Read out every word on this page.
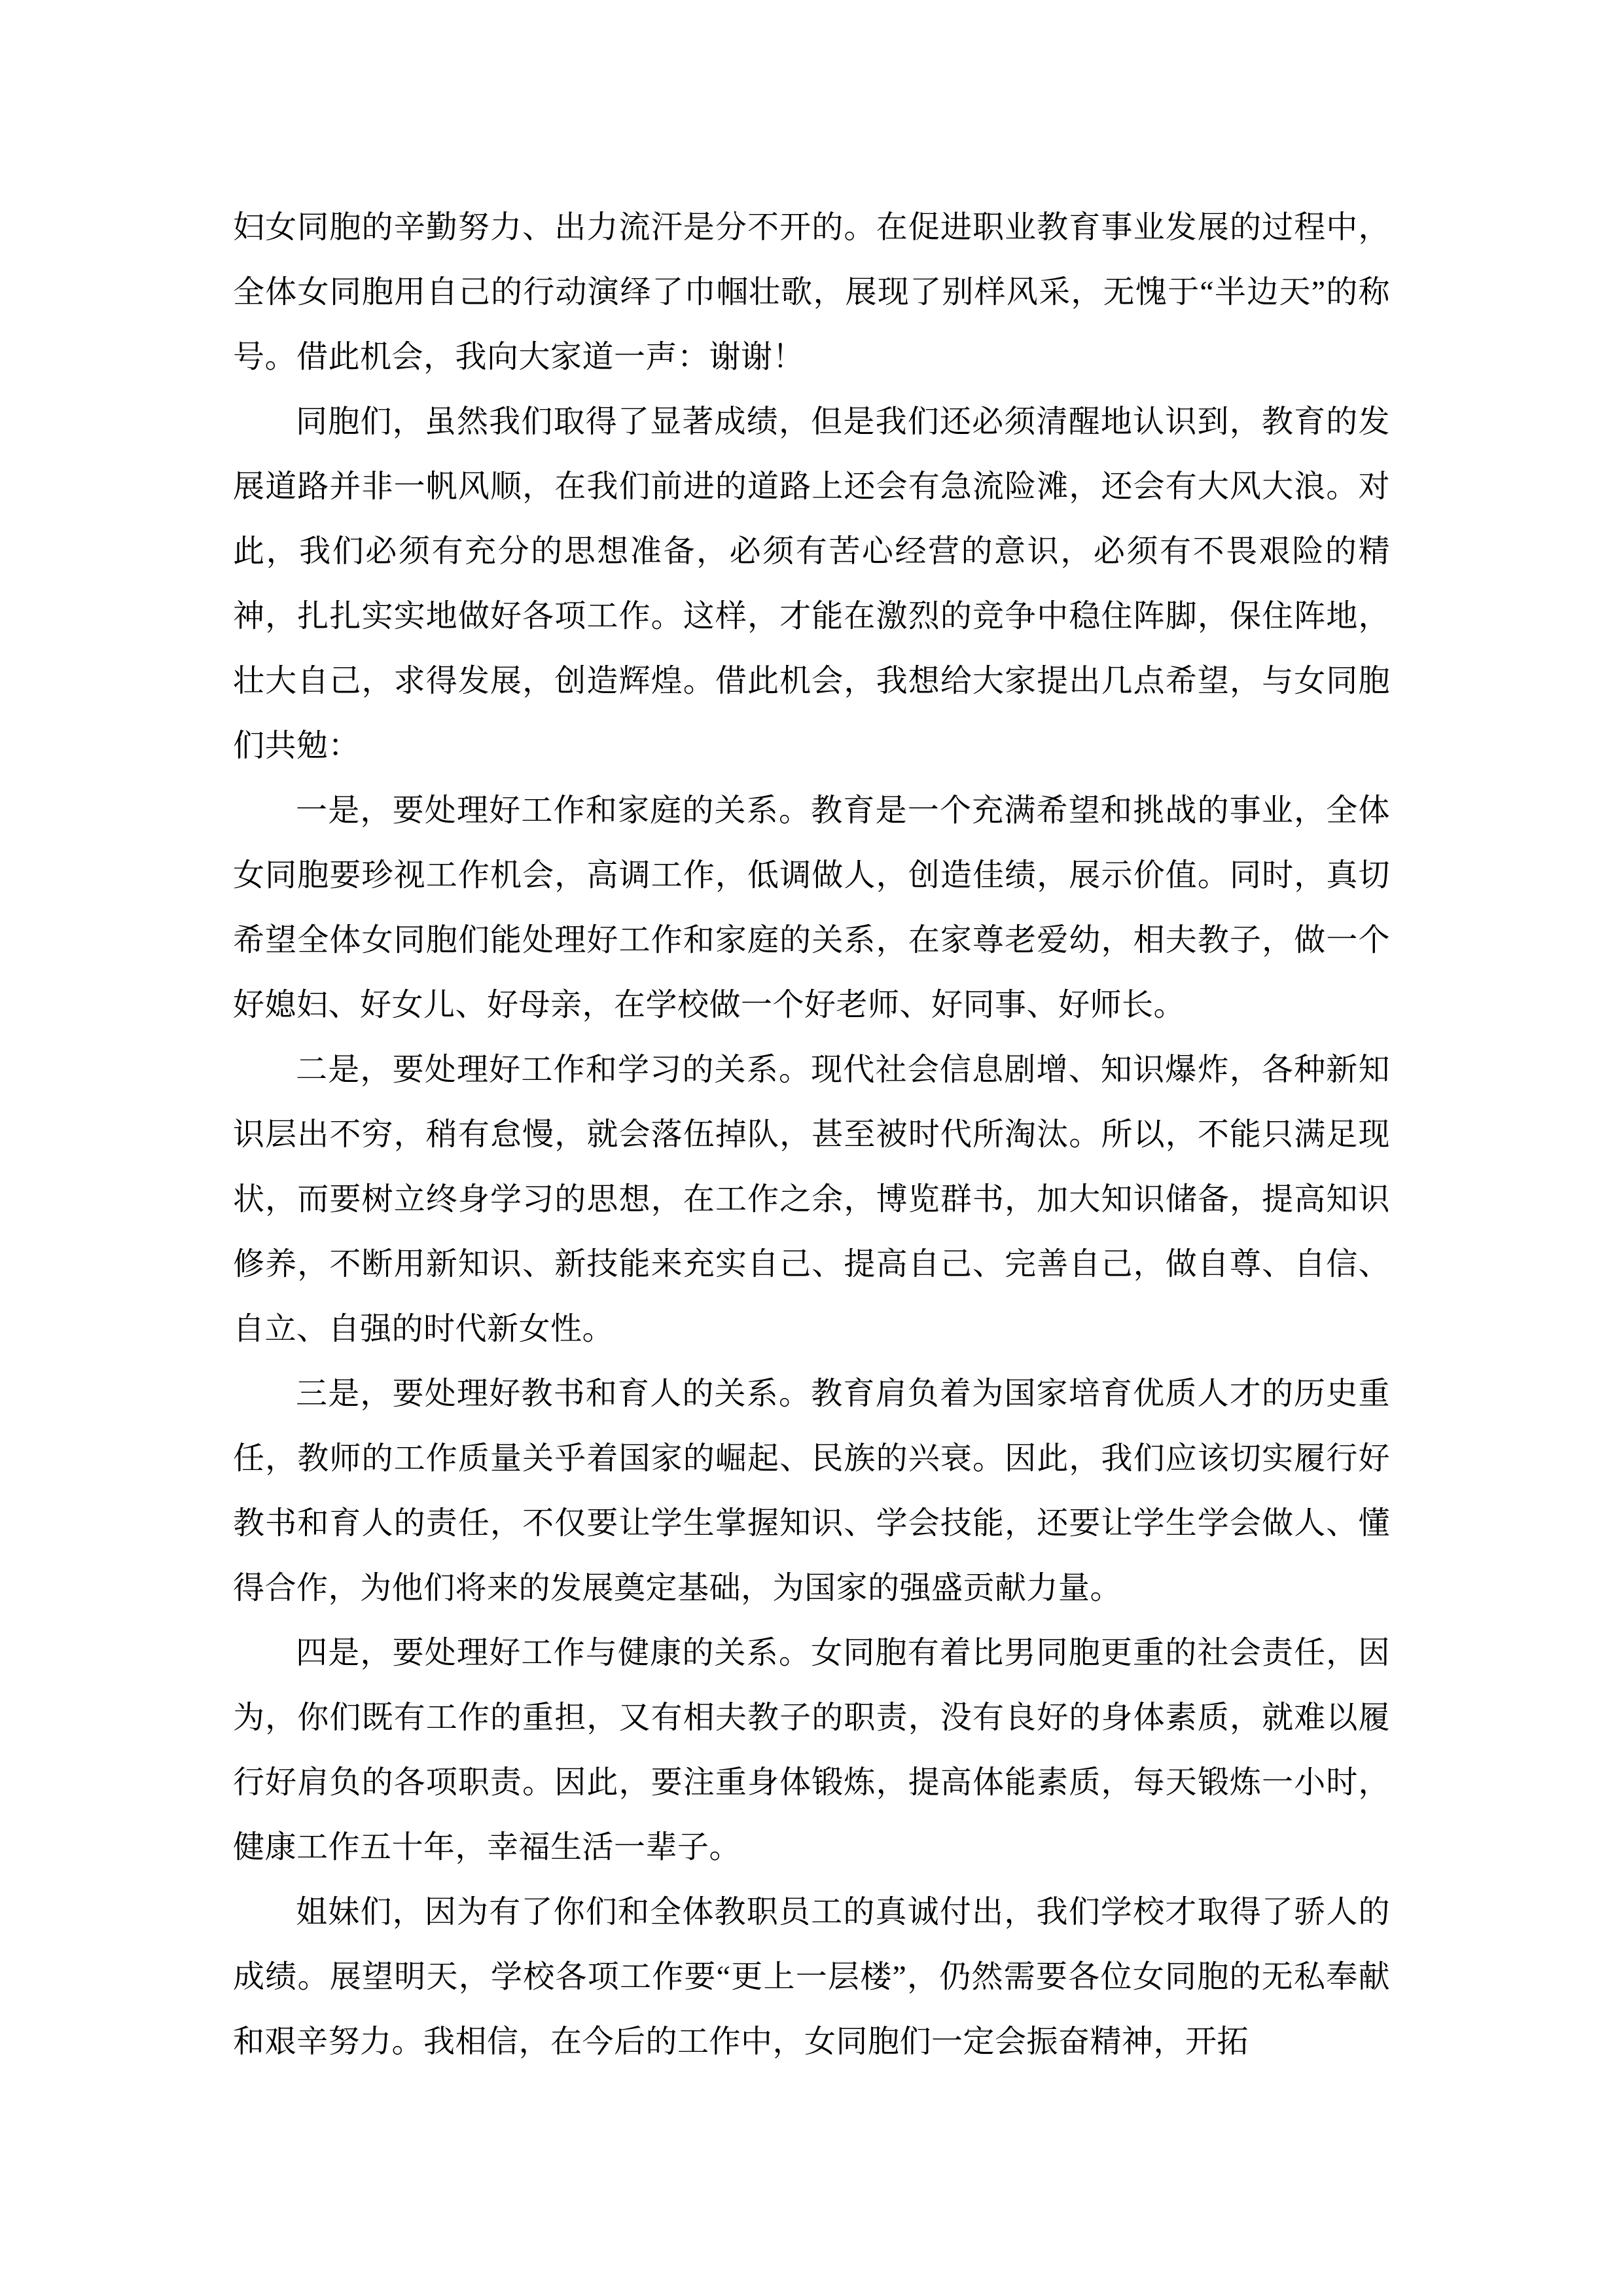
妇女同胞的辛勤努力、出力流汗是分不开的。在促进职业教育事业发展的过程中，全体女同胞用自己的行动演绎了巾帼壮歌，展现了别样风采，无愧于“半边天”的称号。借此机会，我向大家道一声：谢谢！

同胞们，虽然我们取得了显著成绩，但是我们还必须清醒地认识到，教育的发展道路并非一帆风顺，在我们前进的道路上还会有急流险滩，还会有大风大浪。对此，我们必须有充分的思想准备，必须有苦心经营的意识，必须有不畏艰险的精神，扎扎实实地做好各项工作。这样，才能在激烈的竞争中稳住阵脚，保住阵地，壮大自己，求得发展，创造辉煌。借此机会，我想给大家提出几点希望，与女同胞们共勉：

一是，要处理好工作和家庭的关系。教育是一个充满希望和挑战的事业，全体女同胞要珍视工作机会，高调工作，低调做人，创造佳绩，展示价值。同时，真切希望全体女同胞们能处理好工作和家庭的关系，在家尊老爱幼，相夫教子，做一个好媳妇、好女儿、好母亲，在学校做一个好老师、好同事、好师长。

二是，要处理好工作和学习的关系。现代社会信息剧增、知识爆炸，各种新知识层出不穷，稍有怠慢，就会落伍掉队，甚至被时代所淘汰。所以，不能只满足现状，而要树立终身学习的思想，在工作之余，博览群书，加大知识储备，提高知识修养，不断用新知识、新技能来充实自己、提高自己、完善自己，做自尊、自信、自立、自强的时代新女性。

三是，要处理好教书和育人的关系。教育肩负着为国家培育优质人才的历史重任，教师的工作质量关乎着国家的崛起、民族的兴衰。因此，我们应该切实履行好教书和育人的责任，不仅要让学生掌握知识、学会技能，还要让学生学会做人、懂得合作，为他们将来的发展奠定基础，为国家的强盛贡献力量。

四是，要处理好工作与健康的关系。女同胞有着比男同胞更重的社会责任，因为，你们既有工作的重担，又有相夫教子的职责，没有良好的身体素质，就难以履行好肩负的各项职责。因此，要注重身体锻炼，提高体能素质，每天锻炼一小时，健康工作五十年，幸福生活一辈子。

姐妹们，因为有了你们和全体教职员工的真诚付出，我们学校才取得了骄人的成绩。展望明天，学校各项工作要“更上一层楼”，仍然需要各位女同胞的无私奉献和艰辛努力。我相信，在今后的工作中，女同胞们一定会振奋精神，开拓
